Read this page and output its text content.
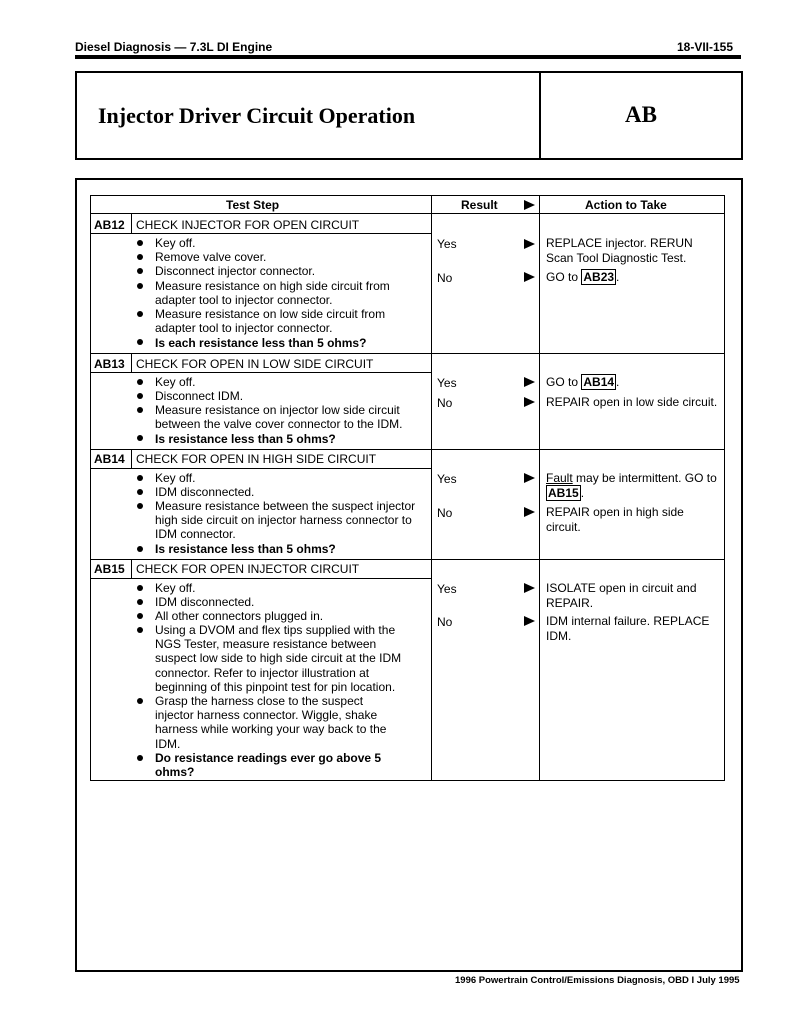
Diesel Diagnosis — 7.3L DI Engine	18-VII-155
Injector Driver Circuit Operation	AB
Test Step	Result	Action to Take
AB12 CHECK INJECTOR FOR OPEN CIRCUIT
Key off.
Remove valve cover.
Disconnect injector connector.
Measure resistance on high side circuit from adapter tool to injector connector.
Measure resistance on low side circuit from adapter tool to injector connector.
Is each resistance less than 5 ohms?
Yes	REPLACE injector. RERUN
Scan Tool Diagnostic Test.
No	GO to AB23 .
AB13 CHECK FOR OPEN IN LOW SIDE CIRCUIT
Key off.
Disconnect IDM.
Measure resistance on injector low side circuit between the valve cover connector to the IDM.
Is resistance less than 5 ohms?
Yes	GO to AB14 .
No	REPAIR open in low side circuit.
AB14 CHECK FOR OPEN IN HIGH SIDE CIRCUIT
Key off.
IDM disconnected.
Measure resistance between the suspect injector high side circuit on injector harness connector to IDM connector.
Is resistance less than 5 ohms?
Yes	Fault may be intermittent. GO to
AB15 .
No	REPAIR open in high side
circuit.
AB15 CHECK FOR OPEN INJECTOR CIRCUIT
Key off.
IDM disconnected.
All other connectors plugged in.
Using a DVOM and flex tips supplied with the NGS Tester, measure resistance between suspect low side to high side circuit at the IDM connector. Refer to injector illustration at beginning of this pinpoint test for pin location.
Grasp the harness close to the suspect injector harness connector. Wiggle, shake harness while working your way back to the IDM.
Do resistance readings ever go above 5 ohms?
Yes	ISOLATE open in circuit and
REPAIR.
No	IDM internal failure. REPLACE
IDM.
1996 Powertrain Control/Emissions Diagnosis, OBD I July 1995
